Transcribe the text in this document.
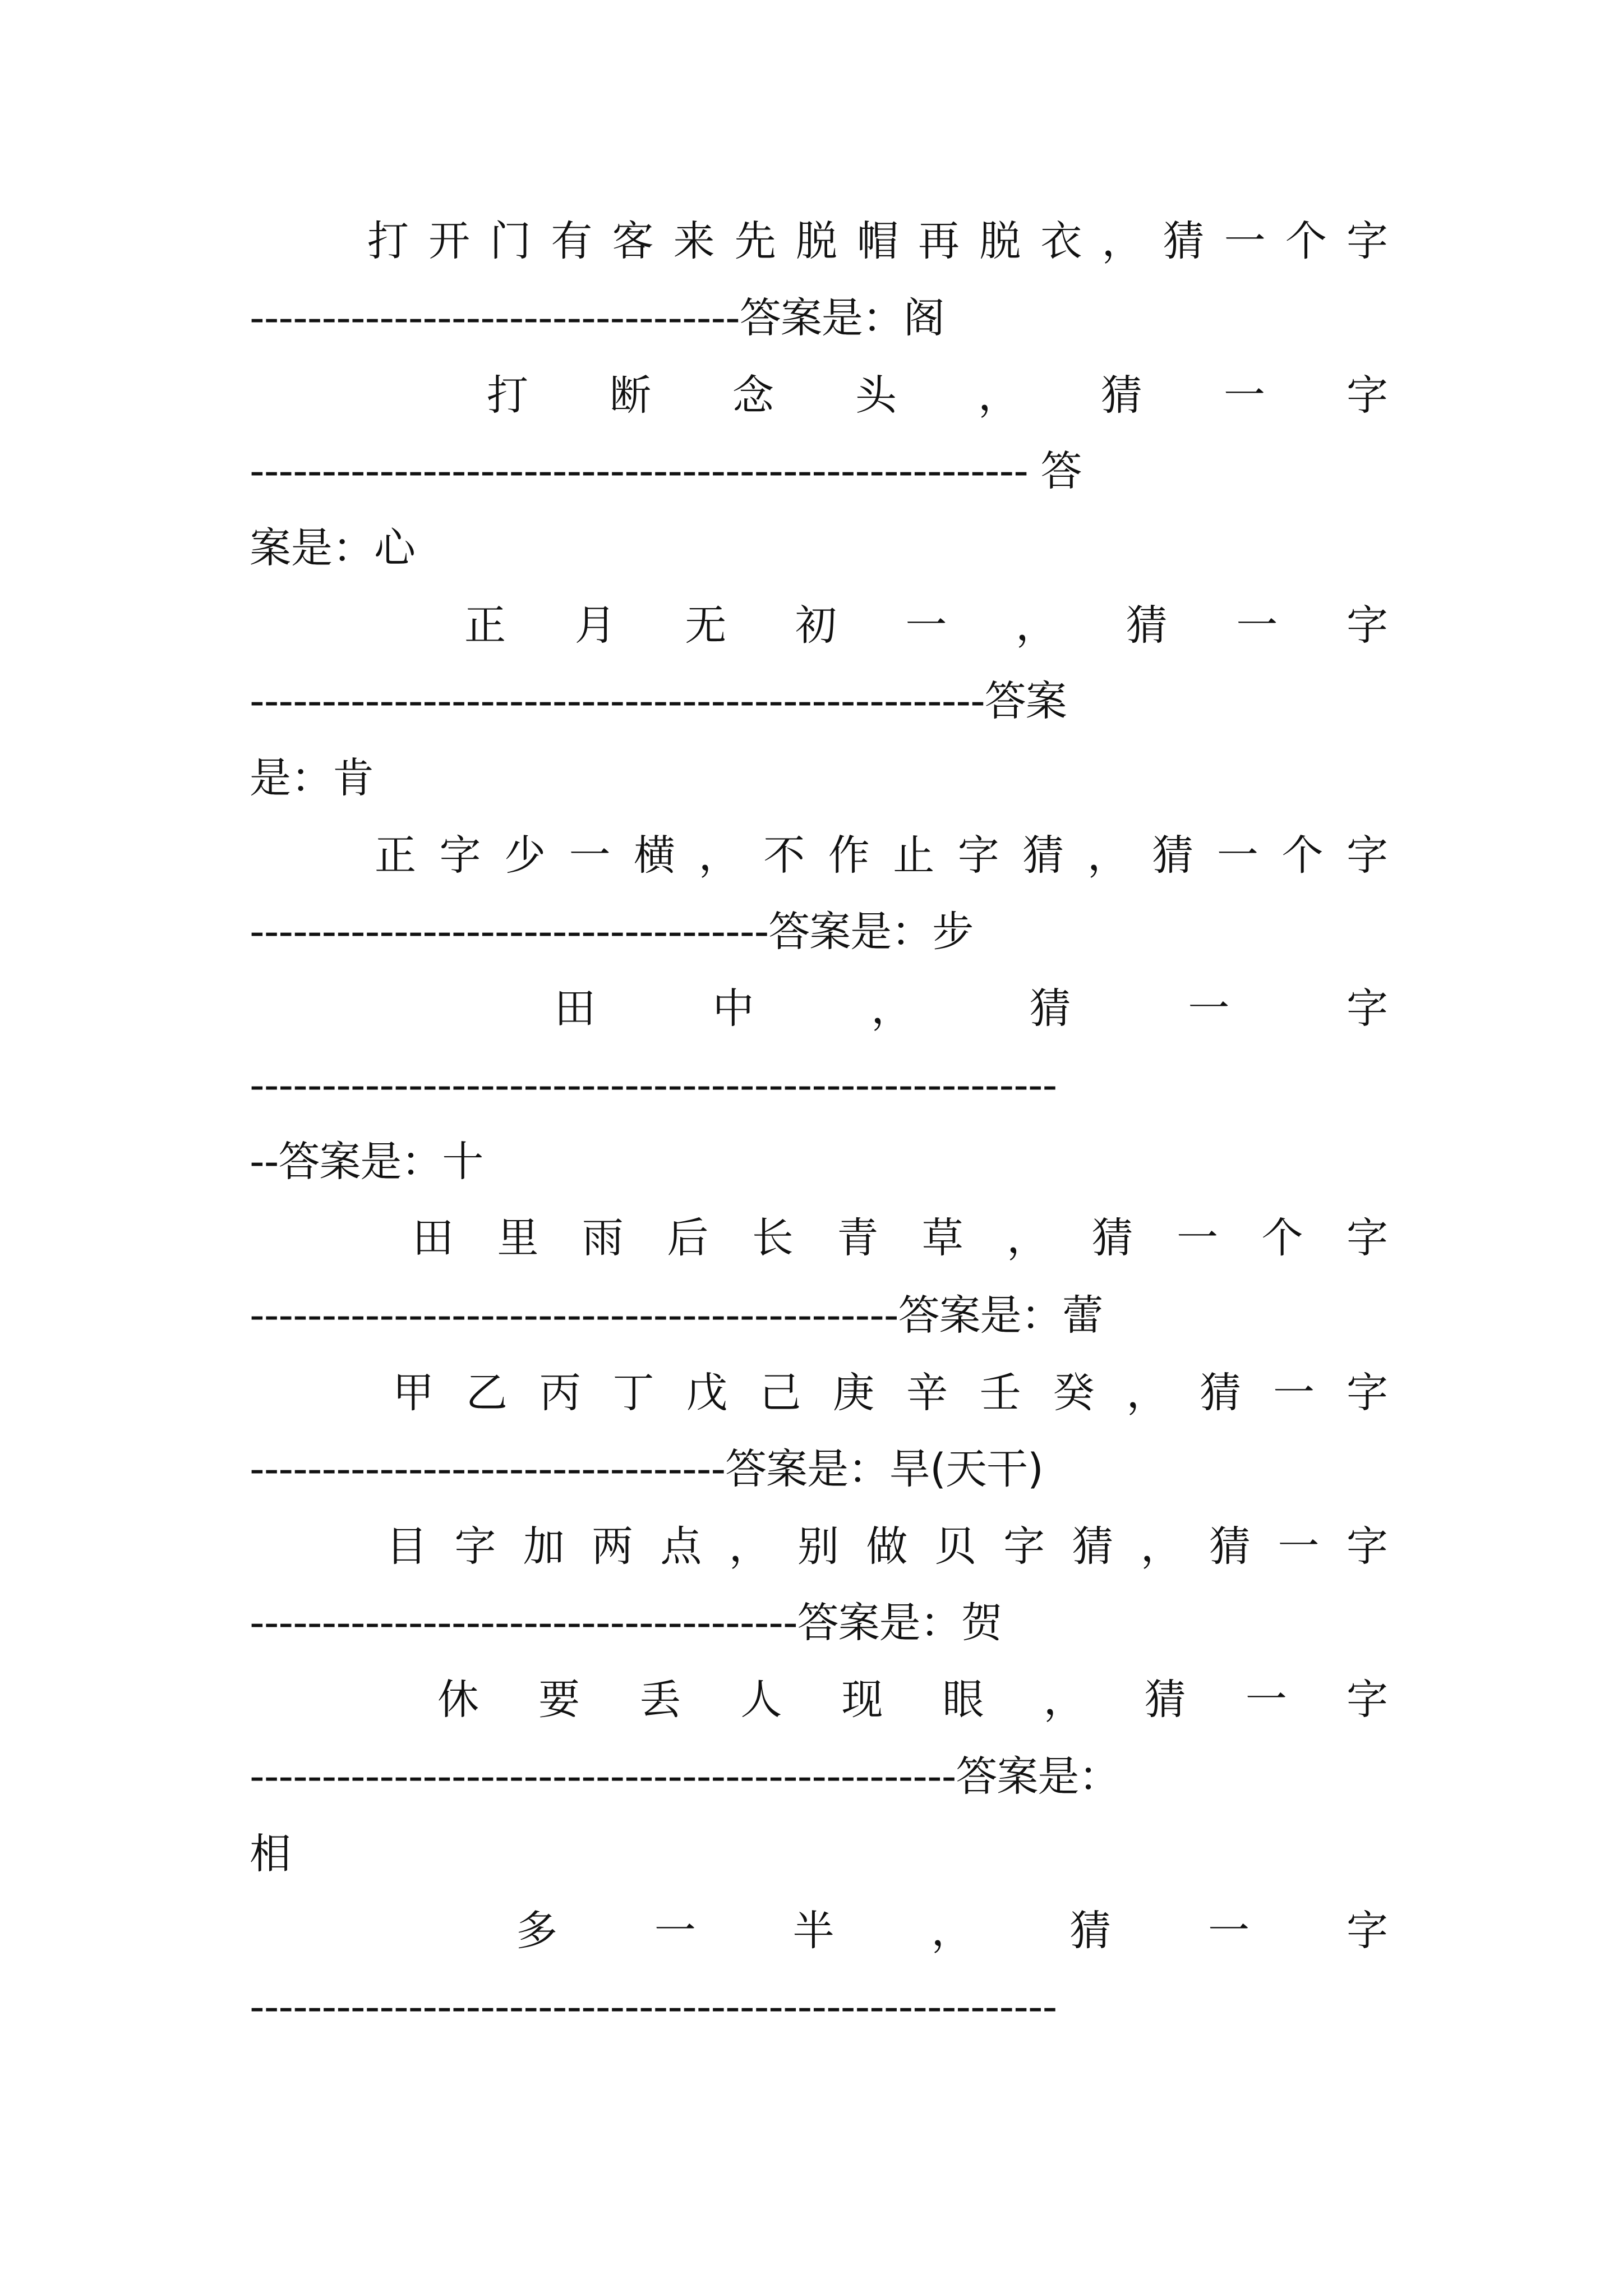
打 开 门 有 客 来 先 脱 帽 再 脱 衣 ， 猜 一 个 字
----------------------------------答案是：阁
打 断 念 头 ， 猜 一 字
------------------------------------------------------ 答
案是：心
正 月 无 初 一 ， 猜 一 字
---------------------------------------------------答案
是：肯
正 字 少 一 横 ， 不 作 止 字 猜 ， 猜 一 个 字
------------------------------------答案是：步
田	中	，	猜	一	字
--------------------------------------------------------
--答案是：十
田 里 雨 后 长 青 草 ， 猜 一 个 字
---------------------------------------------答案是：蕾
甲 乙 丙 丁 戊 己 庚 辛 壬 癸 ， 猜 一 字
---------------------------------答案是：旱(天干)
目 字 加 两 点 ， 别 做 贝 字 猜 ， 猜 一 字
--------------------------------------答案是：贺
休 要 丢 人 现 眼 ， 猜 一 字
-------------------------------------------------答案是：
相
多 一 半 ， 猜 一 字
--------------------------------------------------------
